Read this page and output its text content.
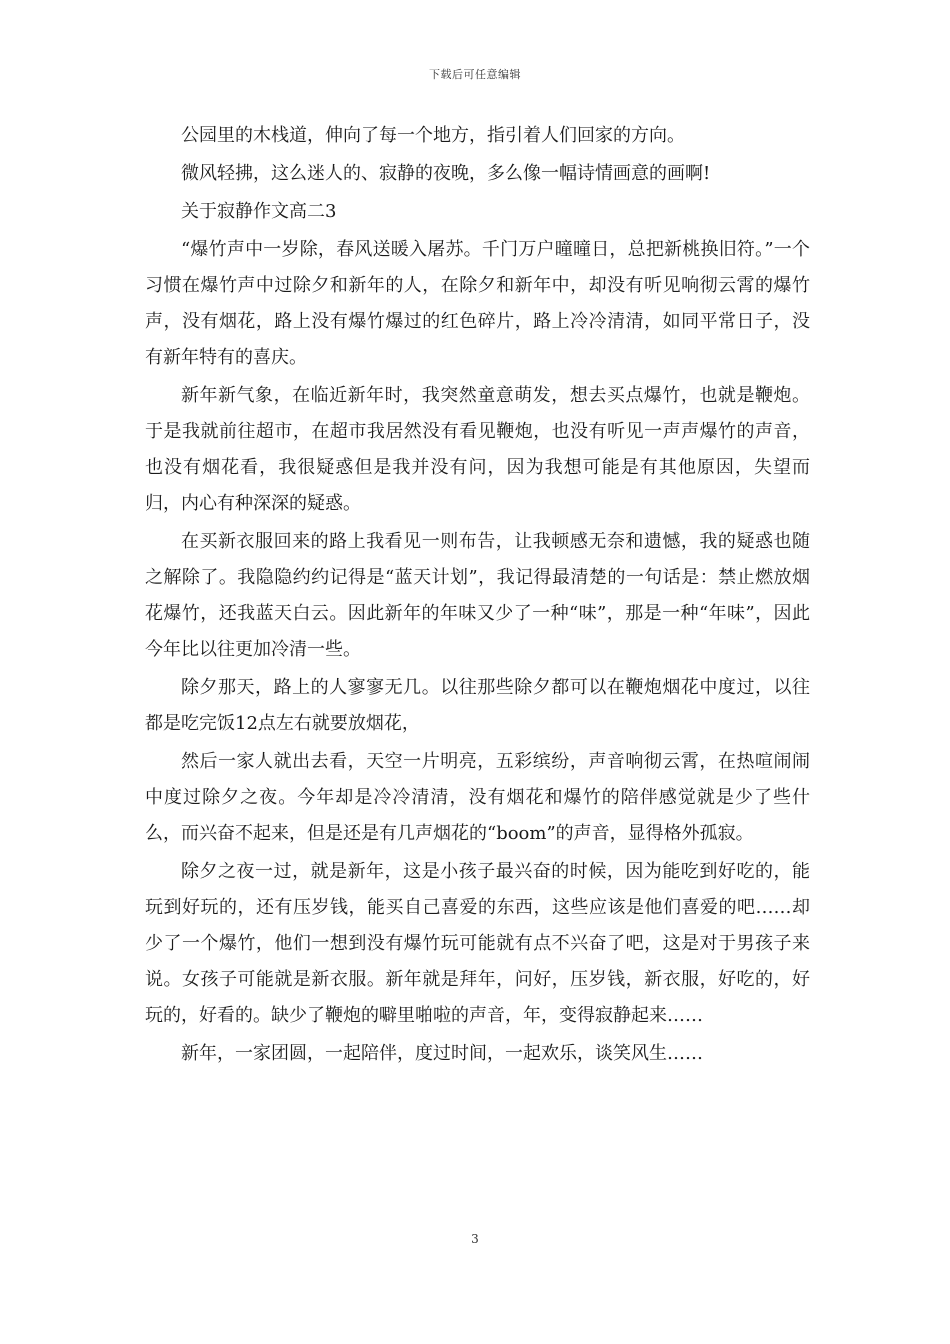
下载后可任意编辑

公园里的木栈道，伸向了每一个地方，指引着人们回家的方向。

微风轻拂，这么迷人的、寂静的夜晚，多么像一幅诗情画意的画啊!

关于寂静作文高二3

“爆竹声中一岁除，春风送暖入屠苏。千门万户曈曈日，总把新桃换旧符。”一个习惯在爆竹声中过除夕和新年的人，在除夕和新年中，却没有听见响彻云霄的爆竹声，没有烟花，路上没有爆竹爆过的红色碎片，路上冷冷清清，如同平常日子，没有新年特有的喜庆。

新年新气象，在临近新年时，我突然童意萌发，想去买点爆竹，也就是鞭炮。于是我就前往超市，在超市我居然没有看见鞭炮，也没有听见一声声爆竹的声音，也没有烟花看，我很疑惑但是我并没有问，因为我想可能是有其他原因，失望而归，内心有种深深的疑惑。

在买新衣服回来的路上我看见一则布告，让我顿感无奈和遗憾，我的疑惑也随之解除了。我隐隐约约记得是“蓝天计划”，我记得最清楚的一句话是：禁止燃放烟花爆竹，还我蓝天白云。因此新年的年味又少了一种“味”，那是一种“年味”，因此今年比以往更加冷清一些。

除夕那天，路上的人寥寥无几。以往那些除夕都可以在鞭炮烟花中度过，以往都是吃完饭12点左右就要放烟花，

然后一家人就出去看，天空一片明亮，五彩缤纷，声音响彻云霄，在热喧闹闹中度过除夕之夜。今年却是冷冷清清，没有烟花和爆竹的陪伴感觉就是少了些什么，而兴奋不起来，但是还是有几声烟花的“boom”的声音，显得格外孤寂。

除夕之夜一过，就是新年，这是小孩子最兴奋的时候，因为能吃到好吃的，能玩到好玩的，还有压岁钱，能买自己喜爱的东西，这些应该是他们喜爱的吧……却少了一个爆竹，他们一想到没有爆竹玩可能就有点不兴奋了吧，这是对于男孩子来说。女孩子可能就是新衣服。新年就是拜年，问好，压岁钱，新衣服，好吃的，好玩的，好看的。缺少了鞭炮的噼里啪啦的声音，年，变得寂静起来……

新年，一家团圆，一起陪伴，度过时间，一起欢乐，谈笑风生……

3
